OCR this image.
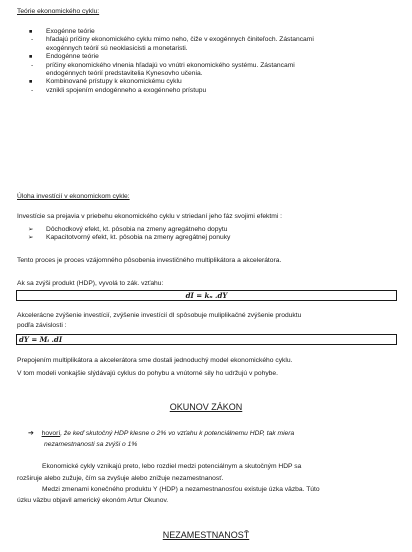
Teórie ekonomického cyklu:
■ Exogénne teórie
- hľadajú príčiny ekonomického cyklu mimo neho, čiže v exogénnych činiteľoch. Zástancami
exogénnych teórií sú neoklasicisti a monetaristi.
■ Endogénne teórie
- príčiny ekonomického vlnenia hľadajú vo vnútri ekonomického systému. Zástancami
endogénnych teórií predstavitelia Kynesovho učenia.
■ Kombinované prístupy k ekonomickému cyklu
- vznikli spojením endogénneho a exogénneho prístupu
Úloha investícií v ekonomickom cykle:
Investície sa prejavia v priebehu ekonomického cyklu v striedaní jeho fáz svojimi efektmi :
➢ Dôchodkový efekt, kt. pôsobia na zmeny agregátneho dopytu
➢ Kapacitotvorný efekt, kt. pôsobia na zmeny agregátnej ponuky
Tento proces je proces vzájomného pôsobenia investičného multiplikátora a akcelerátora.
Ak sa zvýši produkt (HDP), vyvolá to zák. vzťahu:
dI = kₙ .dY
Akcelerácne zvýšenie investícií, zvýšenie investícií dI spôsobuje muliplikačné zvýšenie produktu
podľa závislosti :
dY = Mᵢ .dI
Prepojením multiplikátora a akcelerátora sme dostali jednoduchý model ekonomického cyklu.
V tom modeli vonkajšie slýdávajú cyklus do pohybu a vnútorné sily ho udržujú v pohybe.
OKUNOV ZÁKON
➔ hovorí, že keď skutočný HDP klesne o 2% vo vzťahu k potenciálnemu HDP, tak miera
nezamestnanosti sa zvýši o 1%
Ekonomické cykly vznikajú preto, lebo rozdiel medzi potenciálnym a skutočným HDP sa
rozširuje alebo zužuje, čím sa zvyšuje alebo znižuje nezamestnanosť.
Medzi zmenami konečného produktu Y (HDP) a nezamestnanosťou existuje úzka väzba. Túto
úzku väzbu objavil americký ekonóm Artur Okunov.
NEZAMESTNANOSŤ
